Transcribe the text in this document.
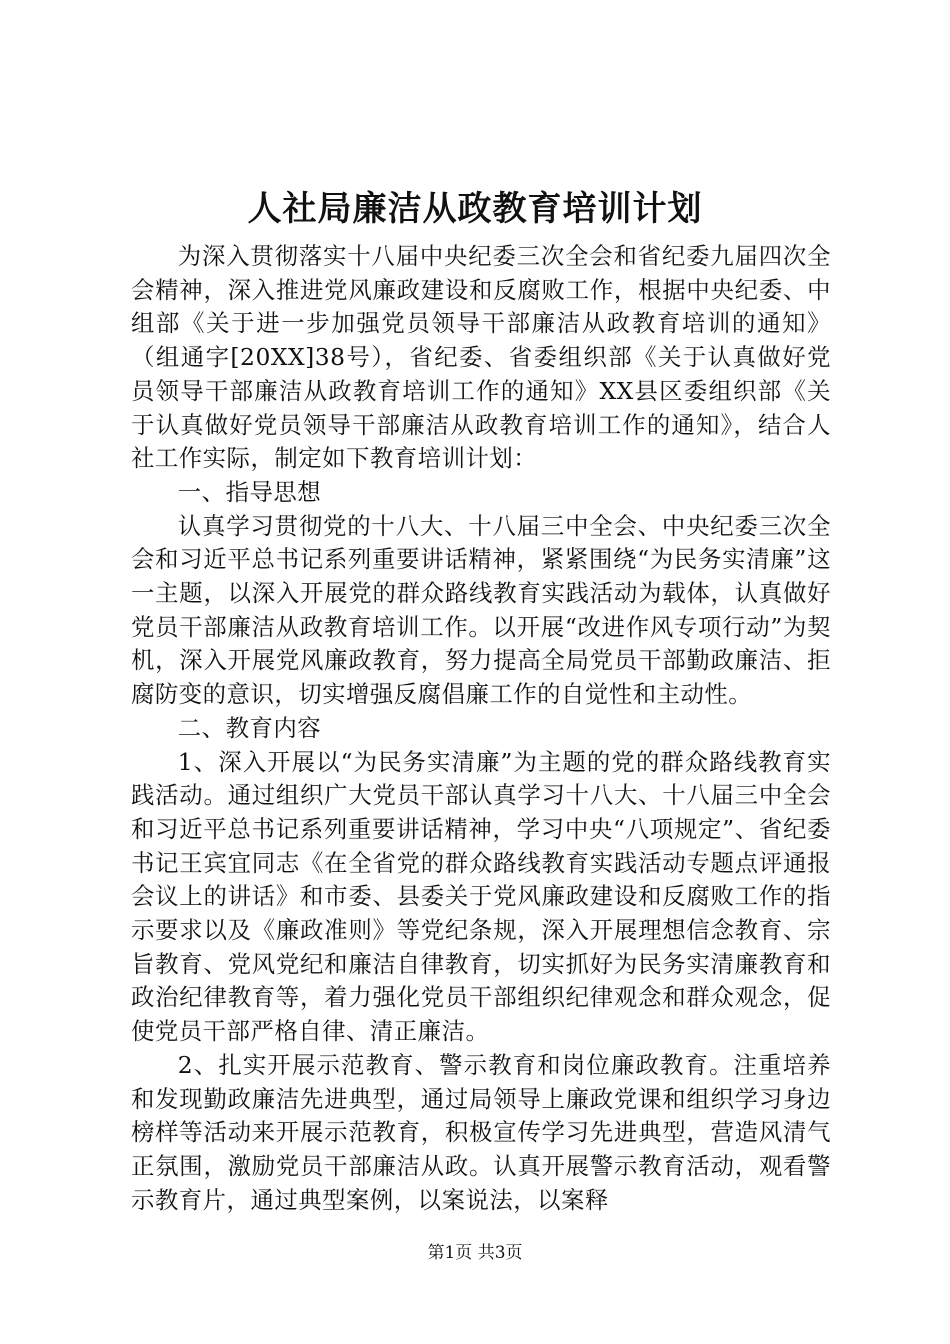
人社局廉洁从政教育培训计划

为深入贯彻落实十八届中央纪委三次全会和省纪委九届四次全会精神，深入推进党风廉政建设和反腐败工作，根据中央纪委、中组部《关于进一步加强党员领导干部廉洁从政教育培训的通知》（组通字[20XX]38号），省纪委、省委组织部《关于认真做好党员领导干部廉洁从政教育培训工作的通知》XX县区委组织部《关于认真做好党员领导干部廉洁从政教育培训工作的通知》，结合人社工作实际，制定如下教育培训计划：

一、指导思想

认真学习贯彻党的十八大、十八届三中全会、中央纪委三次全会和习近平总书记系列重要讲话精神，紧紧围绕“为民务实清廉”这一主题，以深入开展党的群众路线教育实践活动为载体，认真做好党员干部廉洁从政教育培训工作。以开展“改进作风专项行动”为契机，深入开展党风廉政教育，努力提高全局党员干部勤政廉洁、拒腐防变的意识，切实增强反腐倡廉工作的自觉性和主动性。

二、教育内容

1、深入开展以“为民务实清廉”为主题的党的群众路线教育实践活动。通过组织广大党员干部认真学习十八大、十八届三中全会和习近平总书记系列重要讲话精神，学习中央“八项规定”、省纪委书记王宾宜同志《在全省党的群众路线教育实践活动专题点评通报会议上的讲话》和市委、县委关于党风廉政建设和反腐败工作的指示要求以及《廉政准则》等党纪条规，深入开展理想信念教育、宗旨教育、党风党纪和廉洁自律教育，切实抓好为民务实清廉教育和政治纪律教育等，着力强化党员干部组织纪律观念和群众观念，促使党员干部严格自律、清正廉洁。

2、扎实开展示范教育、警示教育和岗位廉政教育。注重培养和发现勤政廉洁先进典型，通过局领导上廉政党课和组织学习身边榜样等活动来开展示范教育，积极宣传学习先进典型，营造风清气正氛围，激励党员干部廉洁从政。认真开展警示教育活动，观看警示教育片，通过典型案例，以案说法，以案释

第1页 共3页
